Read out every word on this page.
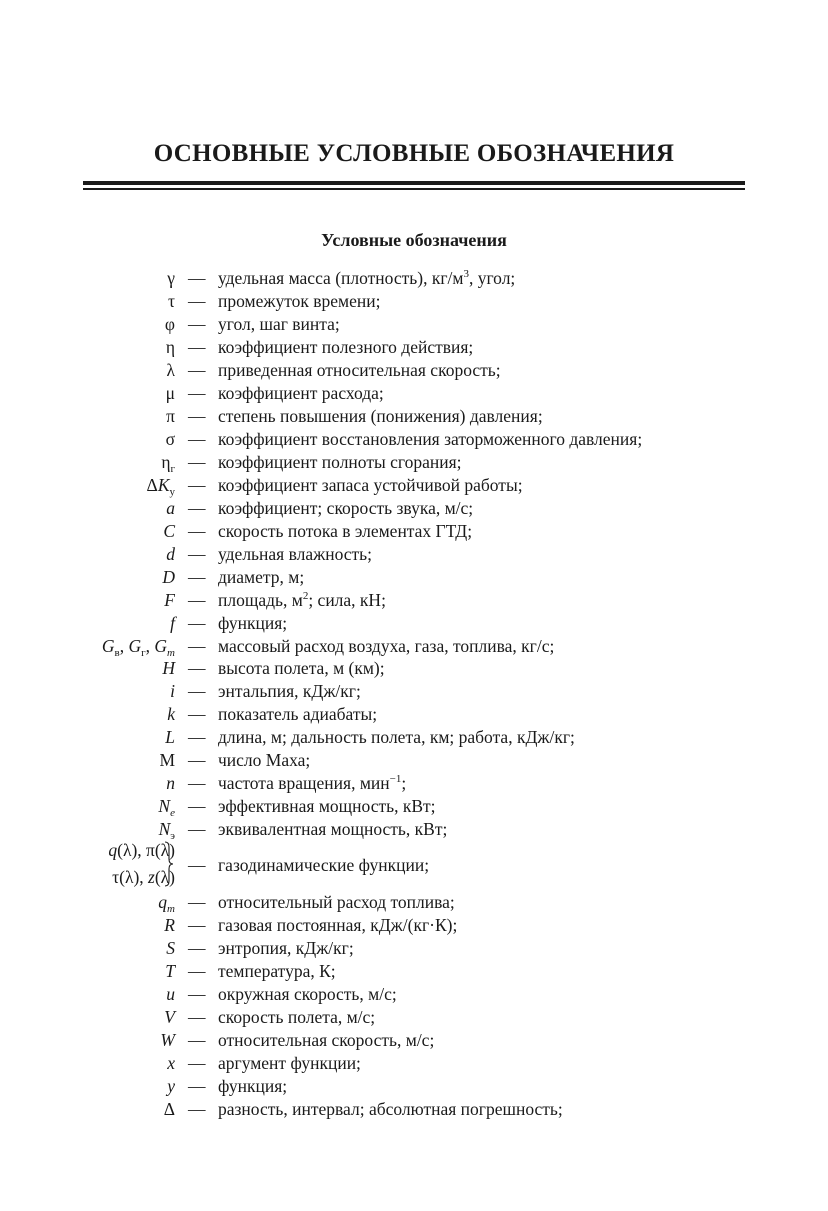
ОСНОВНЫЕ УСЛОВНЫЕ ОБОЗНАЧЕНИЯ
Условные обозначения
γ — удельная масса (плотность), $кг/м^3$, угол;
τ — промежуток времени;
φ — угол, шаг винта;
η — коэффициент полезного действия;
λ — приведенная относительная скорость;
μ — коэффициент расхода;
π — степень повышения (понижения) давления;
σ — коэффициент восстановления заторможенного давления;
$\eta_г$ — коэффициент полноты сгорания;
$\Delta K_у$ — коэффициент запаса устойчивой работы;
a — коэффициент; скорость звука, м/с;
C — скорость потока в элементах ГТД;
d — удельная влажность;
D — диаметр, м;
F — площадь, $м^2$; сила, кН;
f — функция;
$G_в$, $G_г$, $G_m$ — массовый расход воздуха, газа, топлива, кг/с;
H — высота полета, м (км);
i — энтальпия, кДж/кг;
k — показатель адиабаты;
L — длина, м; дальность полета, км; работа, кДж/кг;
M — число Маха;
n — частота вращения, мин$^{-1}$;
$N_e$ — эффективная мощность, кВт;
$N_э$ — эквивалентная мощность, кВт;
q(λ), π(λ)
τ(λ), z(λ)
— газодинамические функции;
$q_m$ — относительный расход топлива;
R — газовая постоянная, кДж/(кг·К);
S — энтропия, кДж/кг;
T — температура, К;
u — окружная скорость, м/с;
V — скорость полета, м/с;
W — относительная скорость, м/с;
x — аргумент функции;
y — функция;
Δ — разность, интервал; абсолютная погрешность;
